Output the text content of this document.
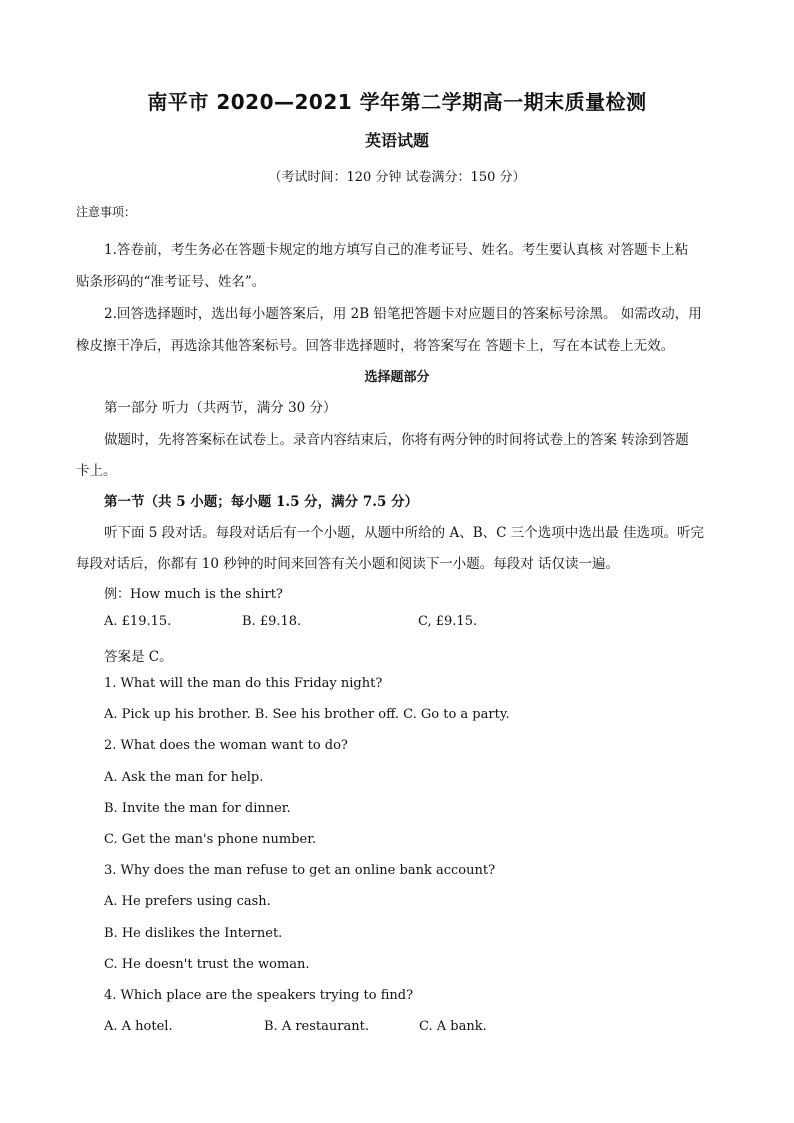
南平市 2020—2021 学年第二学期高一期末质量检测
英语试题

（考试时间：120 分钟 试卷满分：150 分）

注意事项：

1.答卷前，考生务必在答题卡规定的地方填写自己的准考证号、姓名。考生要认真核 对答题卡上粘

贴条形码的“准考证号、姓名”。

2.回答选择题时，选出每小题答案后，用 2B 铅笔把答题卡对应题目的答案标号涂黑。 如需改动，用

橡皮擦干净后，再选涂其他答案标号。回答非选择题时，将答案写在 答题卡上，写在本试卷上无效。

选择题部分

第一部分 听力（共两节，满分 30 分）

做题时，先将答案标在试卷上。录音内容结束后，你将有两分钟的时间将试卷上的答案 转涂到答题

卡上。

第一节（共 5 小题；每小题 1.5 分，满分 7.5 分）

听下面 5 段对话。每段对话后有一个小题，从题中所给的 A、B、C 三个选项中选出最 佳选项。听完

每段对话后，你都有 10 秒钟的时间来回答有关小题和阅读下一小题。每段对 话仅读一遍。

例：How much is the shirt?

A. £19.15.	B. £9.18.	C, £9.15.

答案是 C。

1. What will the man do this Friday night?

A. Pick up his brother. B. See his brother off. C. Go to a party.

2. What does the woman want to do?

A. Ask the man for help.

B. Invite the man for dinner.

C. Get the man's phone number.

3. Why does the man refuse to get an online bank account?

A. He prefers using cash.

B. He dislikes the Internet.

C. He doesn't trust the woman.

4. Which place are the speakers trying to find?

A. A hotel.	B. A restaurant.	C. A bank.
